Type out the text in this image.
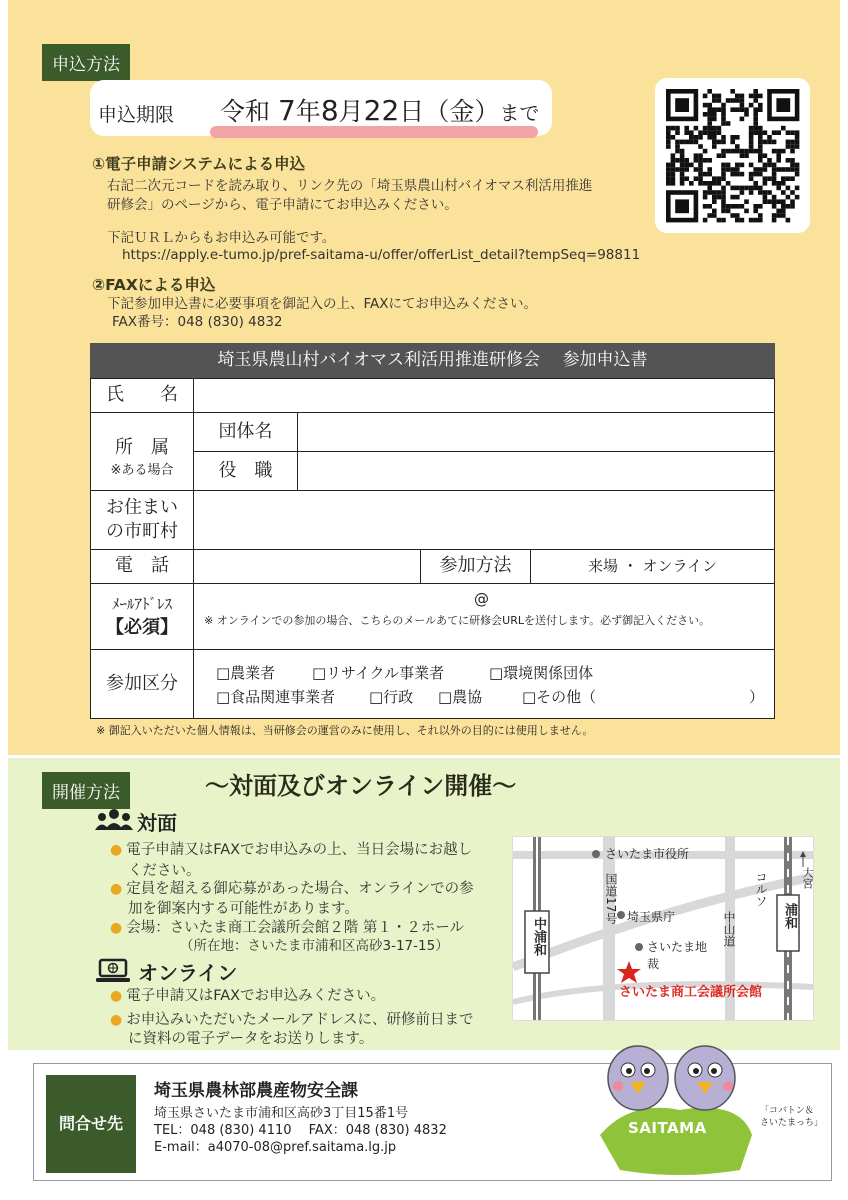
申込方法
申込期限 令和 7年8月22日（金）まで
①電子申請システムによる申込
右記二次元コードを読み取り、リンク先の「埼玉県農山村バイオマス利活用推進
研修会」のページから、電子申請にてお申込みください。
下記ＵＲＬからもお申込み可能です。
https://apply.e-tumo.jp/pref-saitama-u/offer/offerList_detail?tempSeq=98811
②FAXによる申込
下記参加申込書に必要事項を御記入の上、FAXにてお申込みください。
FAX番号：048 (830) 4832
埼玉県農山村バイオマス利活用推進研修会　 参加申込書
氏　　名
所　属
※ある場合
団体名
役　職
お住まい
の市町村
電　話	参加方法	来場 ・ オンライン
ﾒｰﾙｱﾄﾞﾚｽ
【必須】
@
※ オンラインでの参加の場合、こちらのメールあてに研修会URLを送付します。必ず御記入ください。
参加区分	□農業者 □リサイクル事業者	□環境関係団体
□食品関連事業者 □行政 □農協	□その他（	）
※ 御記入いただいた個人情報は、当研修会の運営のみに使用し、それ以外の目的には使用しません。
開催方法	～対面及びオンライン開催～
対面
● 電子申請又はFAXでお申込みの上、当日会場にお越し
ください。
● 定員を超える御応募があった場合、オンラインでの参
加を御案内する可能性があります。
● 会場：さいたま商工会議所会館２階 第１・２ホール
（所在地：さいたま市浦和区高砂3-17-15）
オンライン
● 電子申請又はFAXでお申込みください。
● お申込みいただいたメールアドレスに、研修前日まで
に資料の電子データをお送りします。
さいたま市役所
国道17号 埼玉県庁	中山道
さいたま地裁
コルソ	大宮
中浦和
浦和
さいたま商工会議所会館
問合せ先
埼玉県農林部農産物安全課
埼玉県さいたま市浦和区高砂3丁目15番1号
TEL：048 (830) 4110　 FAX：048 (830) 4832
E-mail：a4070-08@pref.saitama.lg.jp
SAITAMA
「コバトン＆
さいたまっち」
